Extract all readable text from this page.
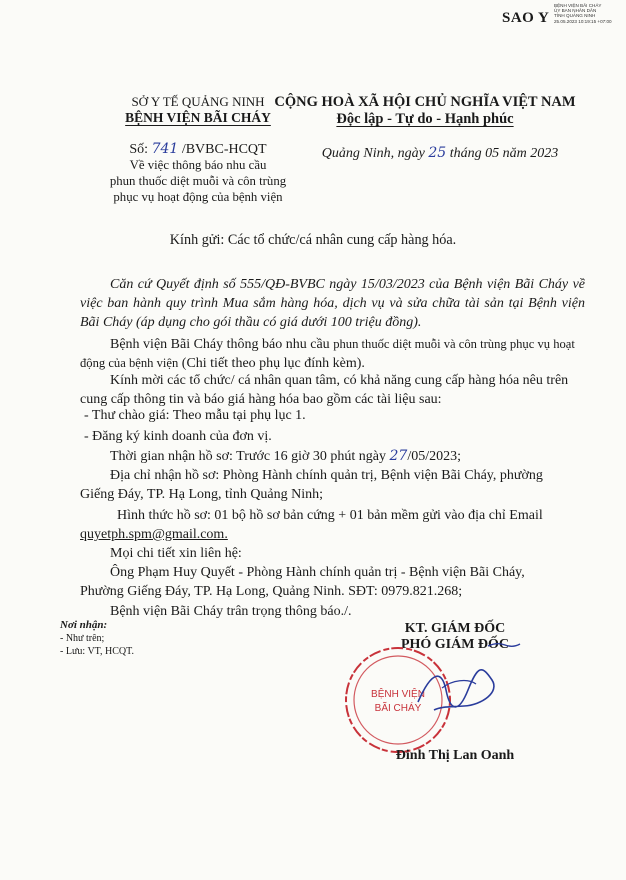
SAO Y
BỆNH VIỆN BÃI CHÁY
ỦY BAN NHÂN DÂN
TỈNH QUẢNG NINH
25.05.2023 10:19:15 +07:00
SỞ Y TẾ QUẢNG NINH
BỆNH VIỆN BÃI CHÁY
CỘNG HOÀ XÃ HỘI CHỦ NGHĨA VIỆT NAM
Độc lập - Tự do - Hạnh phúc
Số: 741 /BVBC-HCQT
Về việc thông báo nhu cầu
phun thuốc diệt muỗi và côn trùng
phục vụ hoạt động của bệnh viện
Quảng Ninh, ngày 25 tháng 05 năm 2023
Kính gửi: Các tổ chức/cá nhân cung cấp hàng hóa.
Căn cứ Quyết định số 555/QĐ-BVBC ngày 15/03/2023 của Bệnh viện Bãi Cháy về việc ban hành quy trình Mua sắm hàng hóa, dịch vụ và sửa chữa tài sản tại Bệnh viện Bãi Cháy (áp dụng cho gói thầu có giá dưới 100 triệu đồng).
Bệnh viện Bãi Cháy thông báo nhu cầu phun thuốc diệt muỗi và côn trùng phục vụ hoạt động của bệnh viện (Chi tiết theo phụ lục đính kèm).
Kính mời các tổ chức/ cá nhân quan tâm, có khả năng cung cấp hàng hóa nêu trên cung cấp thông tin và báo giá hàng hóa bao gồm các tài liệu sau:
- Thư chào giá: Theo mẫu tại phụ lục 1.
- Đăng ký kinh doanh của đơn vị.
Thời gian nhận hồ sơ: Trước 16 giờ 30 phút ngày 27/05/2023;
Địa chỉ nhận hồ sơ: Phòng Hành chính quản trị, Bệnh viện Bãi Cháy, phường Giếng Đáy, TP. Hạ Long, tỉnh Quảng Ninh;
Hình thức hồ sơ: 01 bộ hồ sơ bản cứng + 01 bản mềm gửi vào địa chỉ Email
quyetph.spm@gmail.com.
Mọi chi tiết xin liên hệ:
Ông Phạm Huy Quyết - Phòng Hành chính quản trị - Bệnh viện Bãi Cháy,
Phường Giếng Đáy, TP. Hạ Long, Quảng Ninh. SĐT: 0979.821.268;
Bệnh viện Bãi Cháy trân trọng thông báo./.
Nơi nhận:
- Như trên;
- Lưu: VT, HCQT.
KT. GIÁM ĐỐC
PHÓ GIÁM ĐỐC
BỆNH VIỆN
BÃI CHÁY
Đinh Thị Lan Oanh
